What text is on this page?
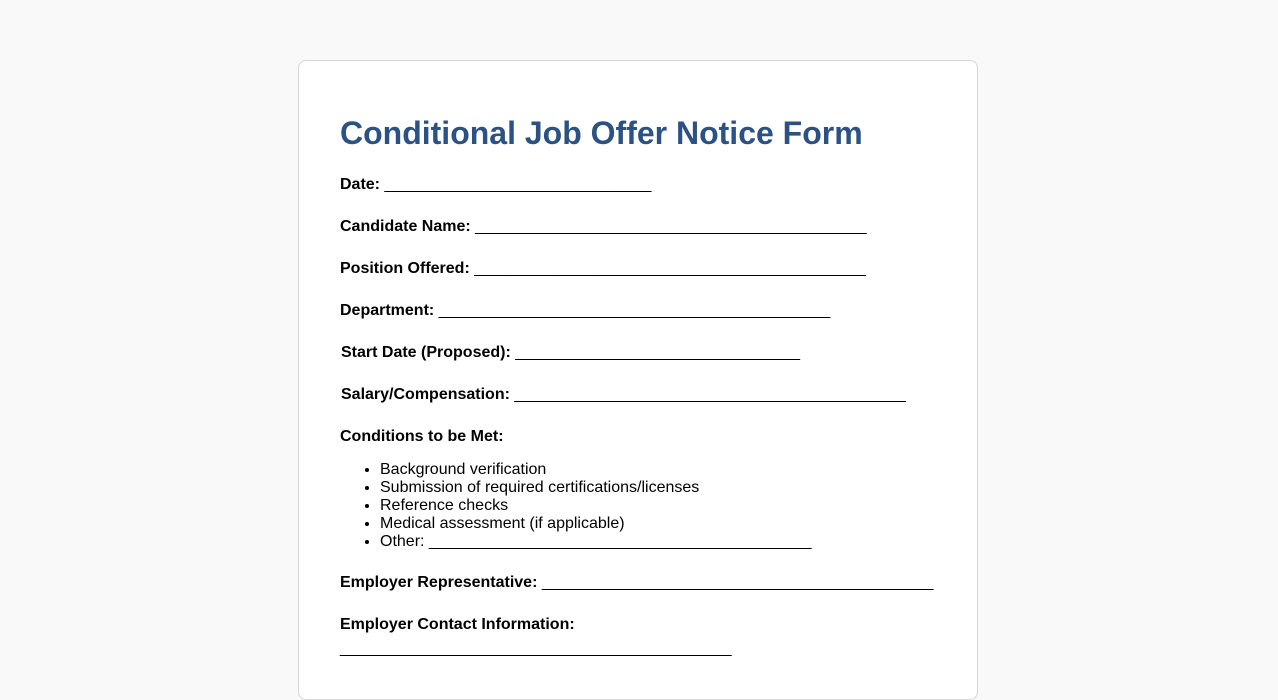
Conditional Job Offer Notice Form
Date: ______________________________
Candidate Name: ____________________________________________
Position Offered: ____________________________________________
Department: ____________________________________________
Start Date (Proposed): ________________________________
Salary/Compensation: ____________________________________________
Conditions to be Met:
• Background verification
• Submission of required certifications/licenses
• Reference checks
• Medical assessment (if applicable)
• Other: ___________________________________________
Employer Representative: ____________________________________________
Employer Contact Information:
____________________________________________
